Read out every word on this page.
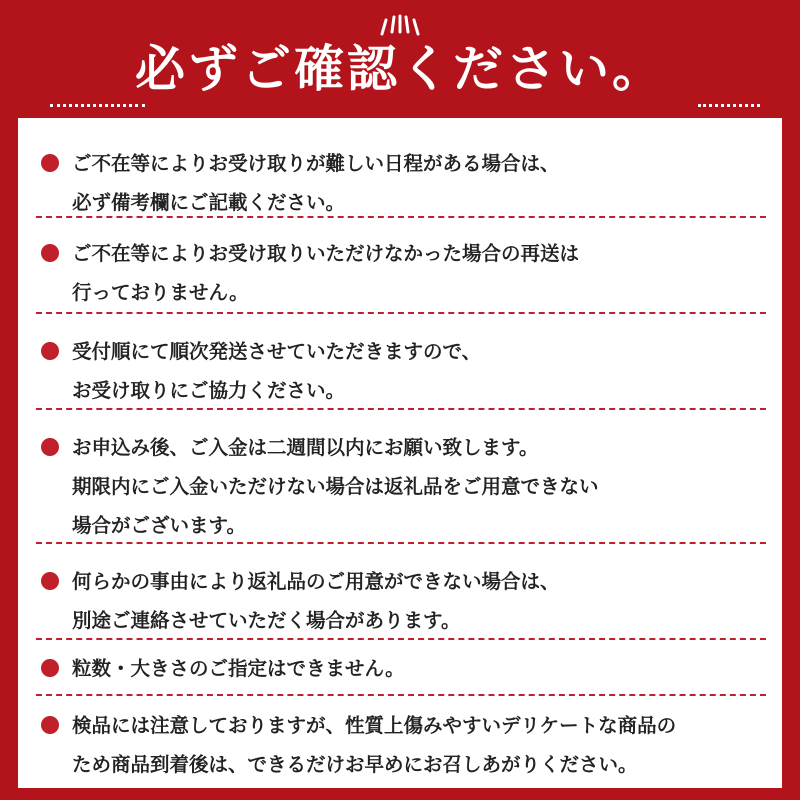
必ずご確認ください。
ご不在等によりお受け取りが難しい日程がある場合は、
必ず備考欄にご記載ください。
ご不在等によりお受け取りいただけなかった場合の再送は
行っておりません。
受付順にて順次発送させていただきますので、
お受け取りにご協力ください。
お申込み後、ご入金は二週間以内にお願い致します。
期限内にご入金いただけない場合は返礼品をご用意できない
場合がございます。
何らかの事由により返礼品のご用意ができない場合は、
別途ご連絡させていただく場合があります。
粒数・大きさのご指定はできません。
検品には注意しておりますが、性質上傷みやすいデリケートな商品の
ため商品到着後は、できるだけお早めにお召しあがりください。
